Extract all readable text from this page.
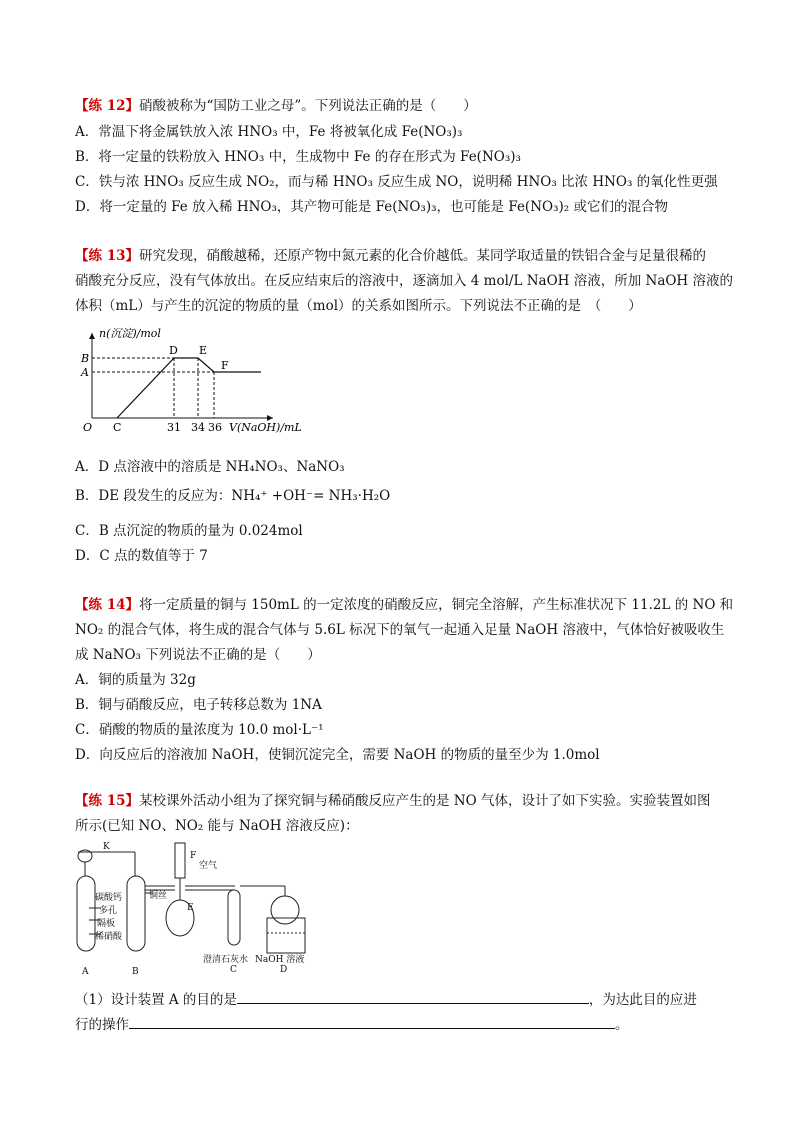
【练 12】硝酸被称为“国防工业之母”。下列说法正确的是（　　）
A．常温下将金属铁放入浓 HNO₃ 中，Fe 将被氧化成 Fe(NO₃)₃
B．将一定量的铁粉放入 HNO₃ 中，生成物中 Fe 的存在形式为 Fe(NO₃)₃
C．铁与浓 HNO₃ 反应生成 NO₂，而与稀 HNO₃ 反应生成 NO，说明稀 HNO₃ 比浓 HNO₃ 的氧化性更强
D．将一定量的 Fe 放入稀 HNO₃，其产物可能是 Fe(NO₃)₃，也可能是 Fe(NO₃)₂ 或它们的混合物
【练 13】研究发现，硝酸越稀，还原产物中氮元素的化合价越低。某同学取适量的铁铝合金与足量很稀的
硝酸充分反应，没有气体放出。在反应结束后的溶液中，逐滴加入 4 mol/L NaOH 溶液，所加 NaOH 溶液的
体积（mL）与产生的沉淀的物质的量（mol）的关系如图所示。下列说法不正确的是　（　　）
n(沉淀)/mol
O
B
A
C
D E
F
31 34 36 V(NaOH)/mL
A．D 点溶液中的溶质是 NH₄NO₃、NaNO₃
B．DE 段发生的反应为：NH₄⁺ +OH⁻= NH₃·H₂O
C．B 点沉淀的物质的量为 0.024mol
D．C 点的数值等于 7
【练 14】将一定质量的铜与 150mL 的一定浓度的硝酸反应，铜完全溶解，产生标准状况下 11.2L 的 NO 和
NO₂ 的混合气体，将生成的混合气体与 5.6L 标况下的氧气一起通入足量 NaOH 溶液中，气体恰好被吸收生
成 NaNO₃ 下列说法不正确的是（　　）
A．铜的质量为 32g
B．铜与硝酸反应，电子转移总数为 1NA
C．硝酸的物质的量浓度为 10.0 mol·L⁻¹
D．向反应后的溶液加 NaOH，使铜沉淀完全，需要 NaOH 的物质的量至少为 1.0mol
【练 15】某校课外活动小组为了探究铜与稀硝酸反应产生的是 NO 气体，设计了如下实验。实验装置如图
所示(已知 NO、NO₂ 能与 NaOH 溶液反应)：
K
F
空气
碳酸钙
多孔
隔板
稀硝酸
铜丝
E
澄清石灰水 NaOH 溶液
A	B	C	D
（1）设计装置 A 的目的是	，为达此目的应进
行的操作	。
